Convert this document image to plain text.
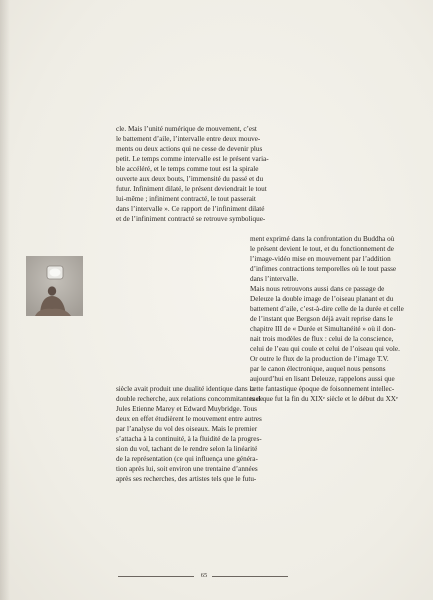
cle. Mais l’unité numérique de mouvement, c’est
le battement d’aile, l’intervalle entre deux mouve-
ments ou deux actions qui ne cesse de devenir plus
petit. Le temps comme intervalle est le présent varia-
ble accéléré, et le temps comme tout est la spirale
ouverte aux deux bouts, l’immensité du passé et du
futur. Infiniment dilaté, le présent deviendrait le tout
lui-même ; infiniment contracté, le tout passerait
dans l’intervalle ». Ce rapport de l’infiniment dilaté
et de l’infiniment contracté se retrouve symbolique-
ment exprimé dans la confrontation du Buddha où
le présent devient le tout, et du fonctionnement de
l’image-vidéo mise en mouvement par l’addition
d’infimes contractions temporelles où le tout passe
dans l’intervalle.
Mais nous retrouvons aussi dans ce passage de
Deleuze la double image de l’oiseau planant et du
battement d’aile, c’est-à-dire celle de la durée et celle
de l’instant que Bergson déjà avait reprise dans le
chapitre III de « Durée et Simultanéité » où il don-
nait trois modèles de flux : celui de la conscience,
celui de l’eau qui coule et celui de l’oiseau qui vole.
Or outre le flux de la production de l’image T.V.
par le canon électronique, auquel nous pensons
aujourd’hui en lisant Deleuze, rappelons aussi que
cette fantastique époque de foisonnement intellec-
tuel que fut la fin du XIXᵉ siècle et le début du XXᵉ
siècle avait produit une dualité identique dans la
double recherche, aux relations concommitantes de
Jules Etienne Marey et Edward Muybridge. Tous
deux en effet étudièrent le mouvement entre autres
par l’analyse du vol des oiseaux. Mais le premier
s’attacha à la continuité, à la fluidité de la progres-
sion du vol, tachant de le rendre selon la linéarité
de la représentation (ce qui influença une généra-
tion après lui, soit environ une trentaine d’années
après ses recherches, des artistes tels que le futu-
65
